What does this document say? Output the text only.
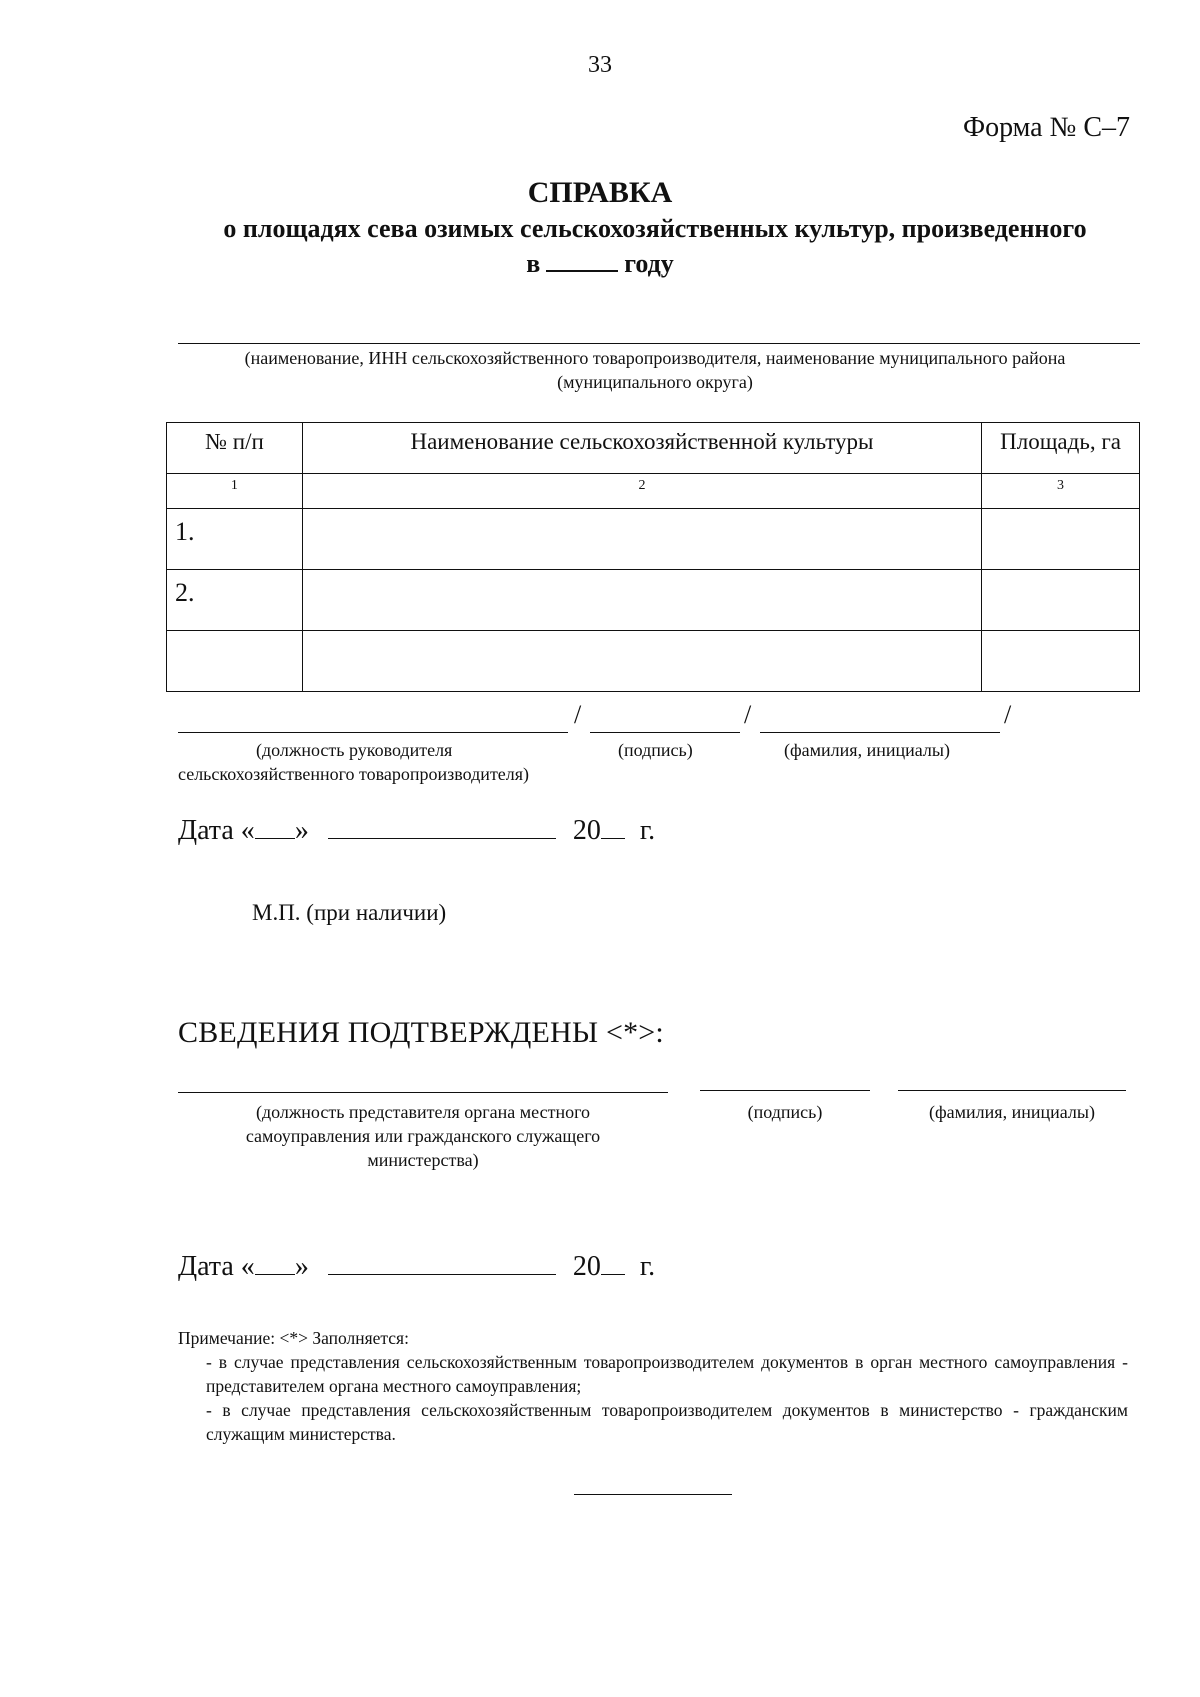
33
Форма № С–7
СПРАВКА
о площадях сева озимых сельскохозяйственных культур, произведенного
в	году
(наименование, ИНН сельскохозяйственного товаропроизводителя, наименование муниципального района
(муниципального округа)
№ п/п	Наименование сельскохозяйственной культуры	Площадь, га
1	2	3
1.		
2.		

/	/	/
(должность руководителя
сельскохозяйственного товаропроизводителя)
(подпись)	(фамилия, инициалы)
Дата « »	20 г.
М.П. (при наличии)
СВЕДЕНИЯ ПОДТВЕРЖДЕНЫ <*>:
(должность представителя органа местного
самоуправления или гражданского служащего
министерства)
(подпись)	(фамилия, инициалы)
Дата « »	20 г.

Примечание: <*> Заполняется:

- в случае представления сельскохозяйственным товаропроизводителем документов в орган местного самоуправления - представителем органа местного самоуправления;

- в случае представления сельскохозяйственным товаропроизводителем документов в министерство - гражданским служащим министерства.
